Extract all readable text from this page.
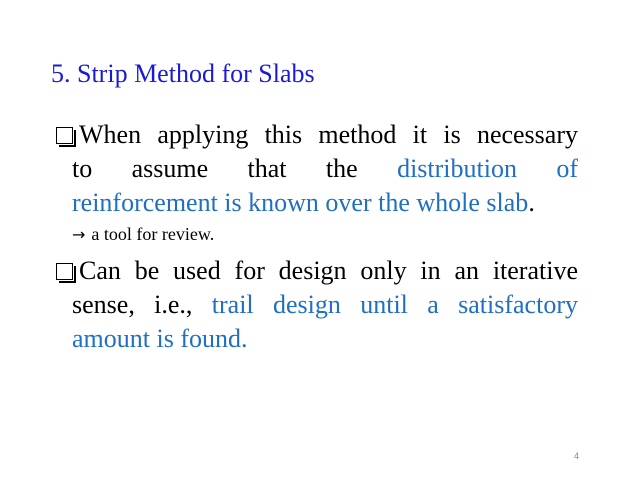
5. Strip Method for Slabs
When applying this method it is necessary
to    assume    that    the    distribution    of
reinforcement is known over the whole slab.
→ a tool for review.
Can be used for design only in an iterative
sense,  i.e.,  trail  design  until  a  satisfactory
amount is found.
4
